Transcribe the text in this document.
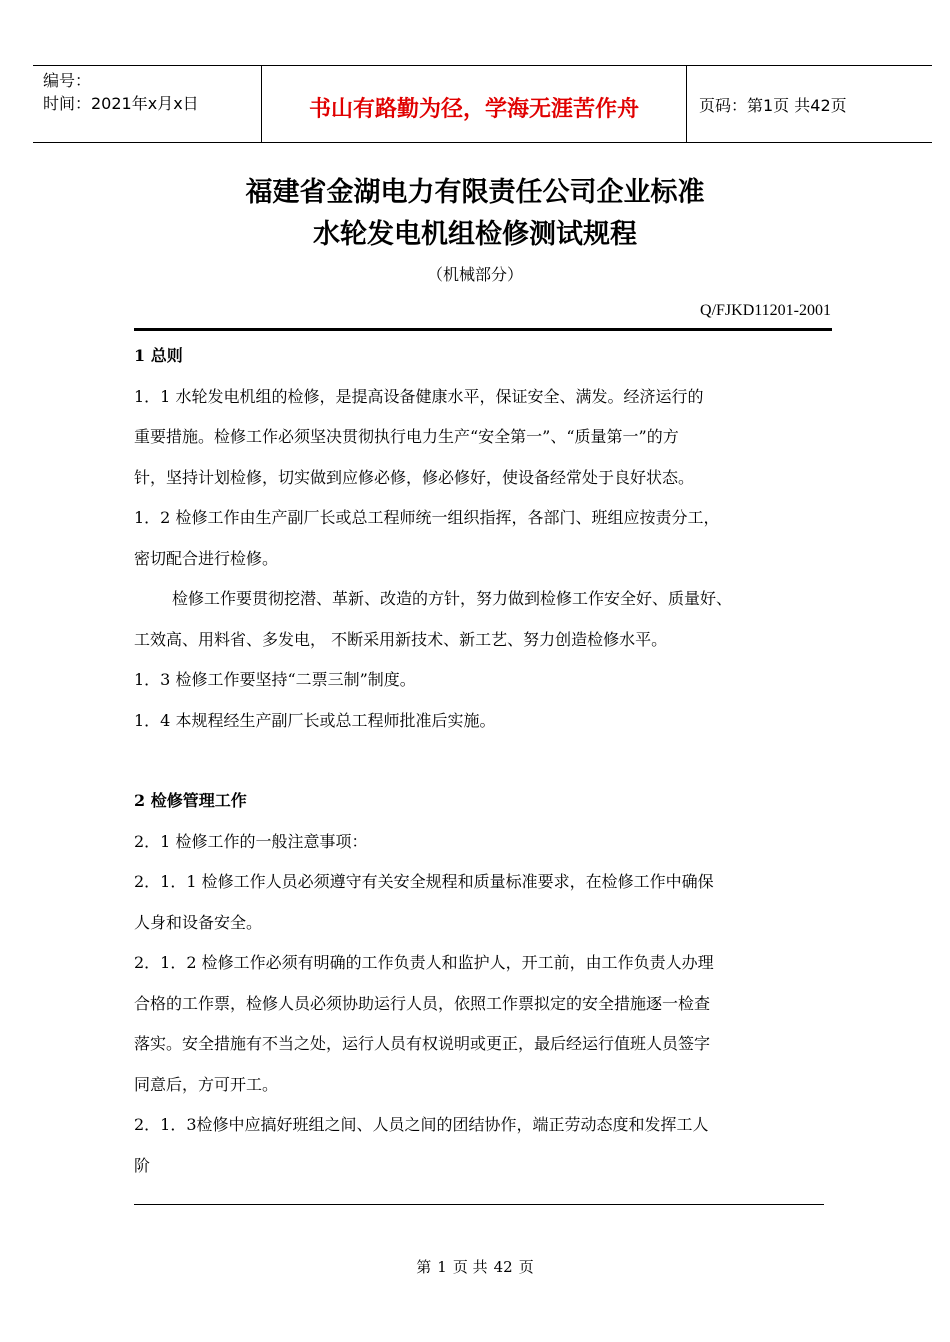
编号：
时间：2021年x月x日	书山有路勤为径，学海无涯苦作舟	页码：第1页 共42页
福建省金湖电力有限责任公司企业标准
水轮发电机组检修测试规程
（机械部分）
Q/FJKD11201-2001
1 总则
1．1 水轮发电机组的检修，是提高设备健康水平，保证安全、满发。经济运行的
重要措施。检修工作必须坚决贯彻执行电力生产“安全第一”、“质量第一”的方
针，坚持计划检修，切实做到应修必修，修必修好，使设备经常处于良好状态。
1．2 检修工作由生产副厂长或总工程师统一组织指挥，各部门、班组应按责分工，
密切配合进行检修。
检修工作要贯彻挖潜、革新、改造的方针，努力做到检修工作安全好、质量好、
工效高、用料省、多发电， 不断采用新技术、新工艺、努力创造检修水平。
1．3 检修工作要坚持“二票三制”制度。
1．4 本规程经生产副厂长或总工程师批准后实施。
2 检修管理工作
2．1 检修工作的一般注意事项：
2．1．1 检修工作人员必须遵守有关安全规程和质量标准要求，在检修工作中确保
人身和设备安全。
2．1．2 检修工作必须有明确的工作负责人和监护人，开工前，由工作负责人办理
合格的工作票，检修人员必须协助运行人员，依照工作票拟定的安全措施逐一检查
落实。安全措施有不当之处，运行人员有权说明或更正，最后经运行值班人员签字
同意后，方可开工。
2．1．3检修中应搞好班组之间、人员之间的团结协作，端正劳动态度和发挥工人
阶
第 1 页 共 42 页
